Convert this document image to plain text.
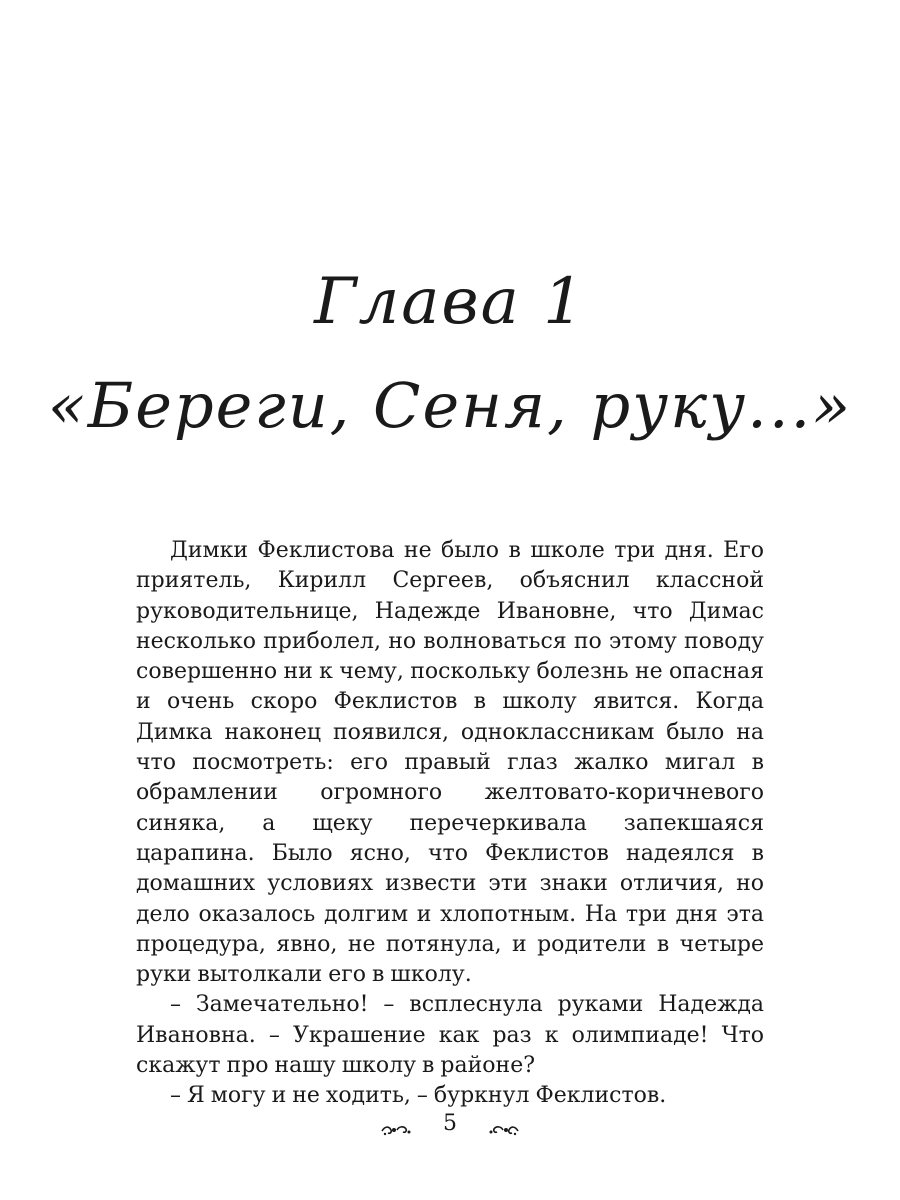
Глава 1
«Береги, Сеня, руку...»

Димки Феклистова не было в школе три дня. Его приятель, Кирилл Сергеев, объяснил классной руководительнице, Надежде Ивановне, что Димас несколько приболел, но волноваться по этому поводу совершенно ни к чему, поскольку болезнь не опасная и очень скоро Феклистов в школу явится. Когда Димка наконец появился, одноклассникам было на что посмотреть: его правый глаз жалко мигал в обрамлении огромного желтовато-коричневого синяка, а щеку перечеркивала запекшаяся царапина. Было ясно, что Феклистов надеялся в домашних условиях извести эти знаки отличия, но дело оказалось долгим и хлопотным. На три дня эта процедура, явно, не потянула, и родители в четыре руки вытолкали его в школу.

– Замечательно! – всплеснула руками Надежда Ивановна. – Украшение как раз к олимпиаде! Что скажут про нашу школу в районе?

– Я могу и не ходить, – буркнул Феклистов.

5
